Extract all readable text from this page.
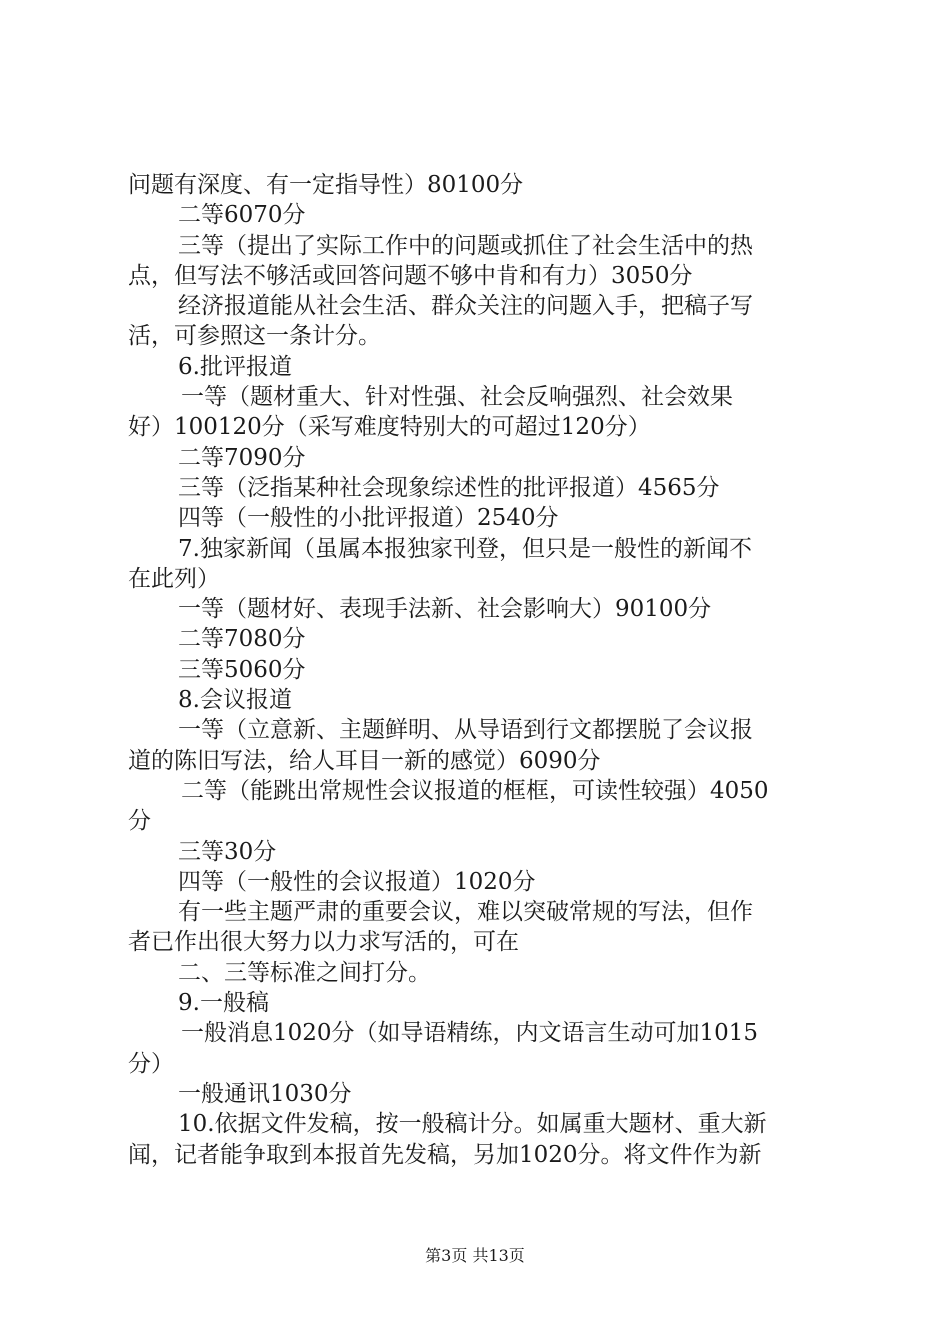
问题有深度、有一定指导性）80100分
二等6070分
三等（提出了实际工作中的问题或抓住了社会生活中的热
点，但写法不够活或回答问题不够中肯和有力）3050分
经济报道能从社会生活、群众关注的问题入手，把稿子写
活，可参照这一条计分。
6.批评报道
一等（题材重大、针对性强、社会反响强烈、社会效果
好）100120分（采写难度特别大的可超过120分）
二等7090分
三等（泛指某种社会现象综述性的批评报道）4565分
四等（一般性的小批评报道）2540分
7.独家新闻（虽属本报独家刊登，但只是一般性的新闻不
在此列）
一等（题材好、表现手法新、社会影响大）90100分
二等7080分
三等5060分
8.会议报道
一等（立意新、主题鲜明、从导语到行文都摆脱了会议报
道的陈旧写法，给人耳目一新的感觉）6090分
二等（能跳出常规性会议报道的框框，可读性较强）4050
分
三等30分
四等（一般性的会议报道）1020分
有一些主题严肃的重要会议，难以突破常规的写法，但作
者已作出很大努力以力求写活的，可在
二、三等标准之间打分。
9.一般稿
一般消息1020分（如导语精练，内文语言生动可加1015
分）
一般通讯1030分
10.依据文件发稿，按一般稿计分。如属重大题材、重大新
闻，记者能争取到本报首先发稿，另加1020分。将文件作为新
第3页 共13页
